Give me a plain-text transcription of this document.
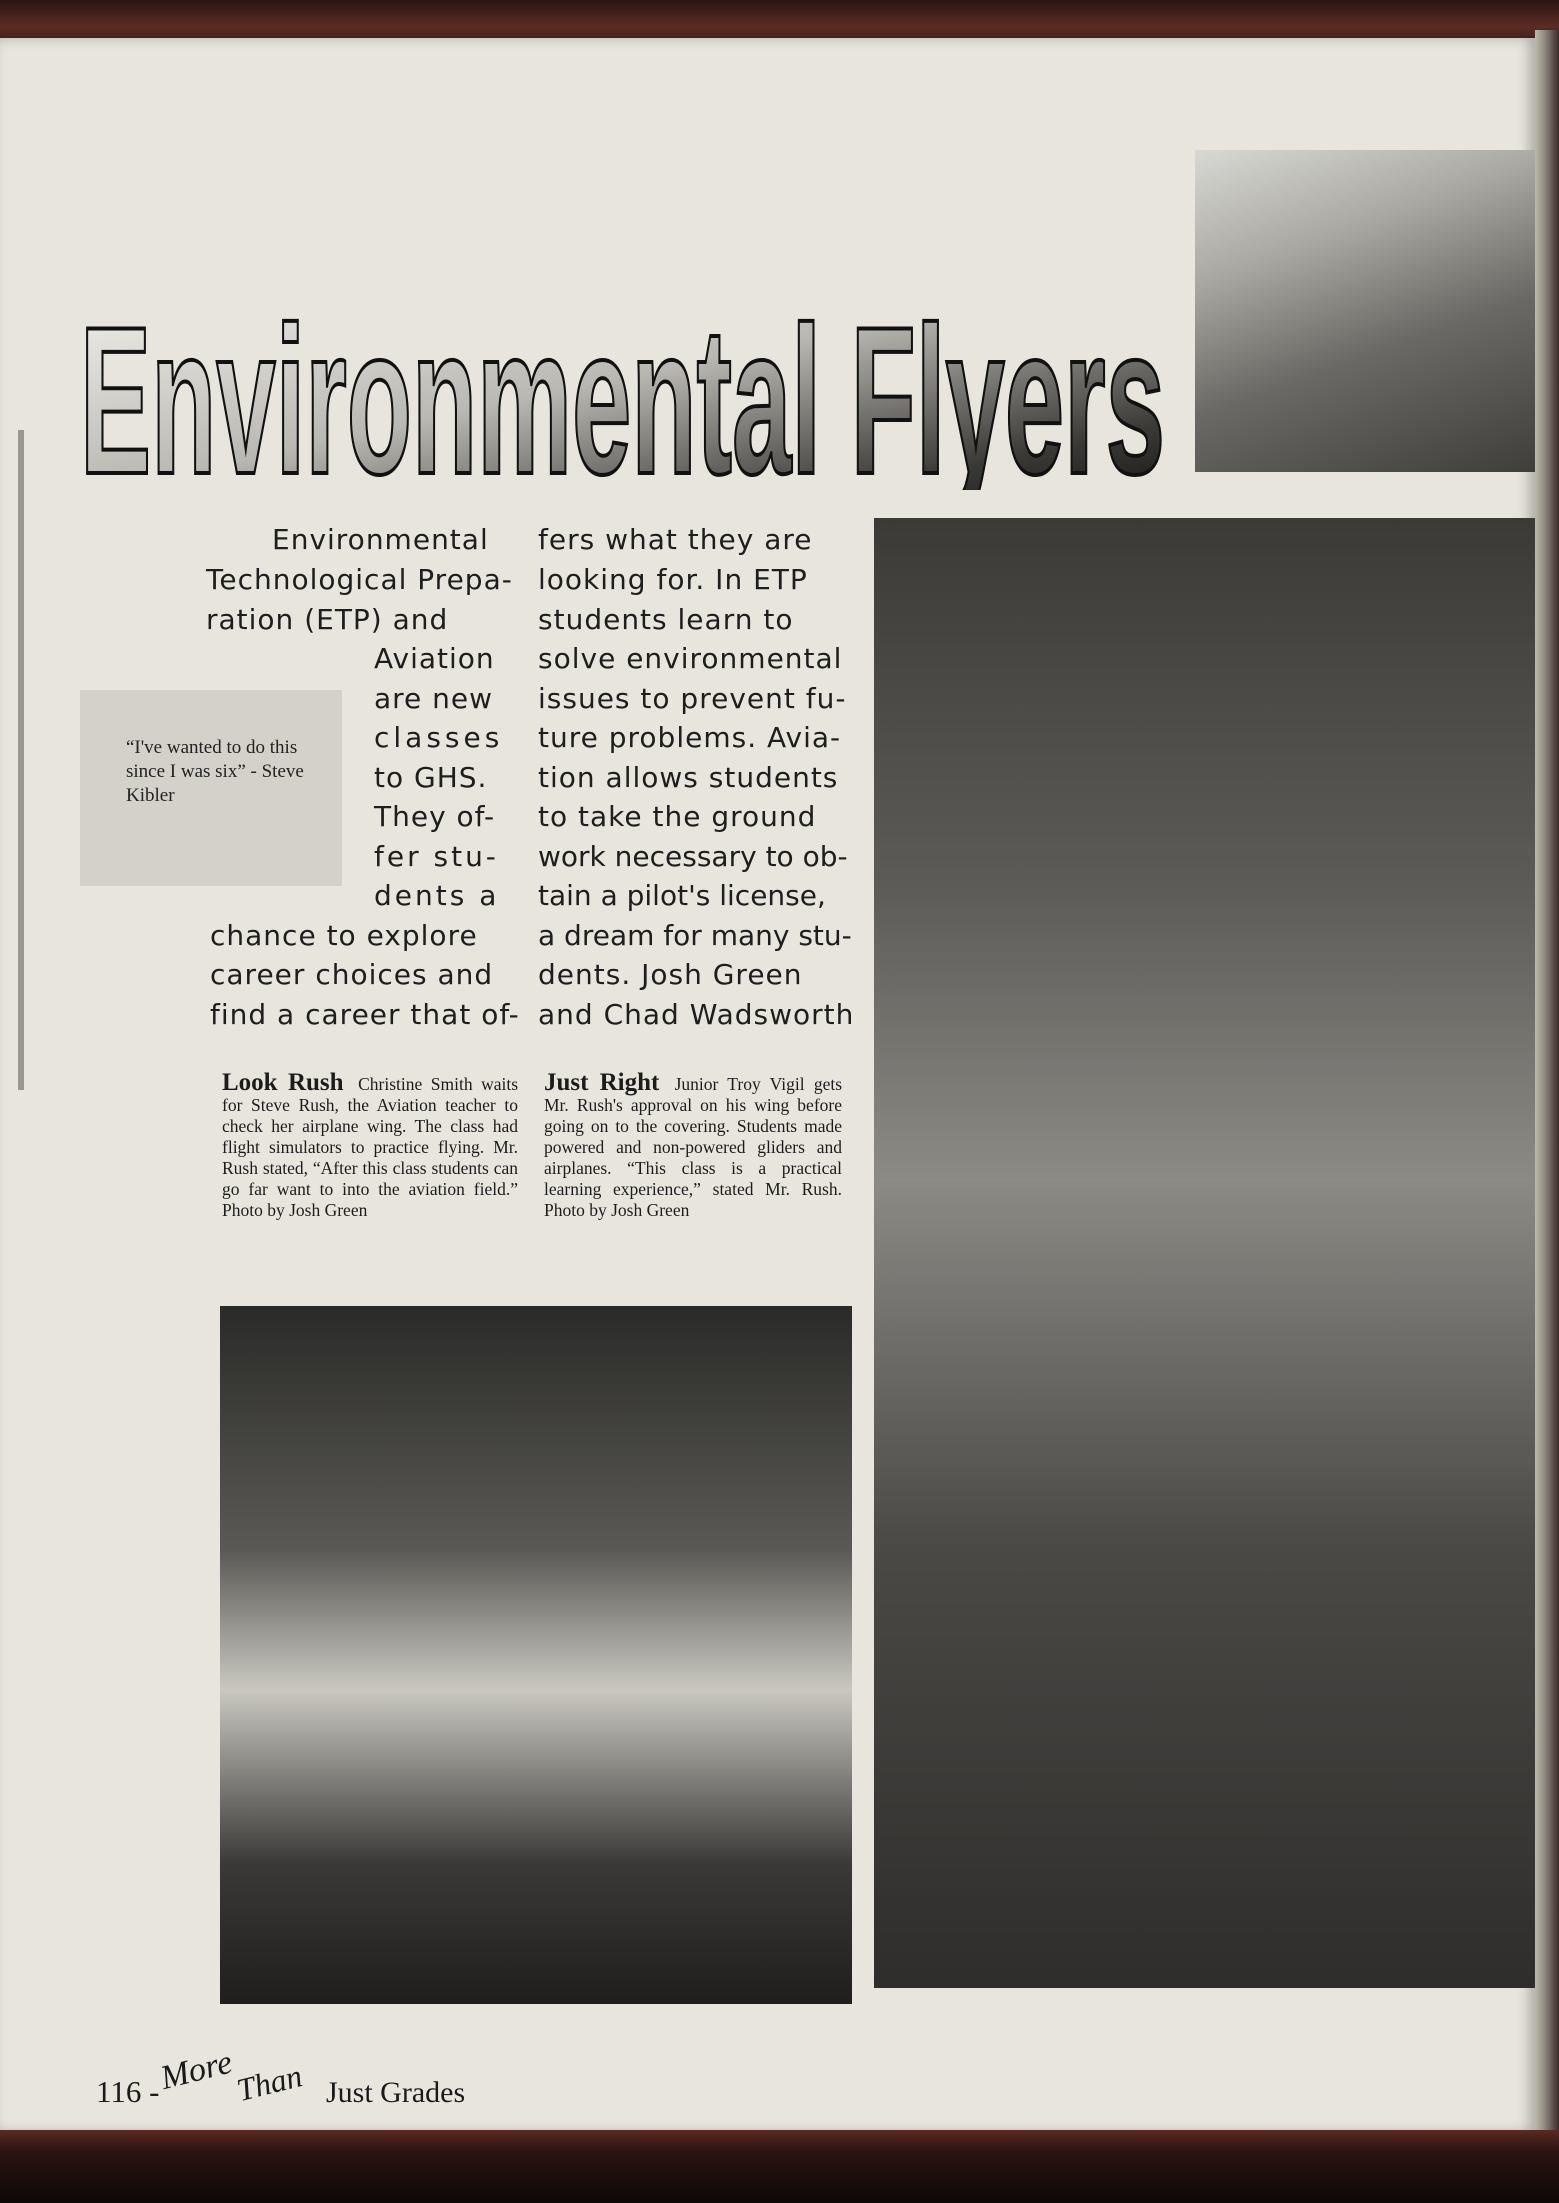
Environmental Flyers
“I've wanted to do this since I was six” - Steve Kibler
Environmental
Technological Prepa-
ration (ETP) and
Aviation
are new
classes
to GHS.
They of-
fer stu-
dents a
chance to explore
career choices and
find a career that of-
fers what they are
looking for. In ETP
students learn to
solve environmental
issues to prevent fu-
ture problems. Avia-
tion allows students
to take the ground
work necessary to ob-
tain a pilot's license,
a dream for many stu-
dents. Josh Green
and Chad Wadsworth
Look Rush Christine Smith waits for Steve Rush, the Aviation teacher to check her airplane wing. The class had flight simulators to practice flying. Mr. Rush stated, “After this class students can go far want to into the aviation field.” Photo by Josh Green
Just Right Junior Troy Vigil gets Mr. Rush's approval on his wing before going on to the covering. Students made powered and non-powered gliders and airplanes. “This class is a practical learning experience,” stated Mr. Rush. Photo by Josh Green
116 -
More
Than Just Grades
